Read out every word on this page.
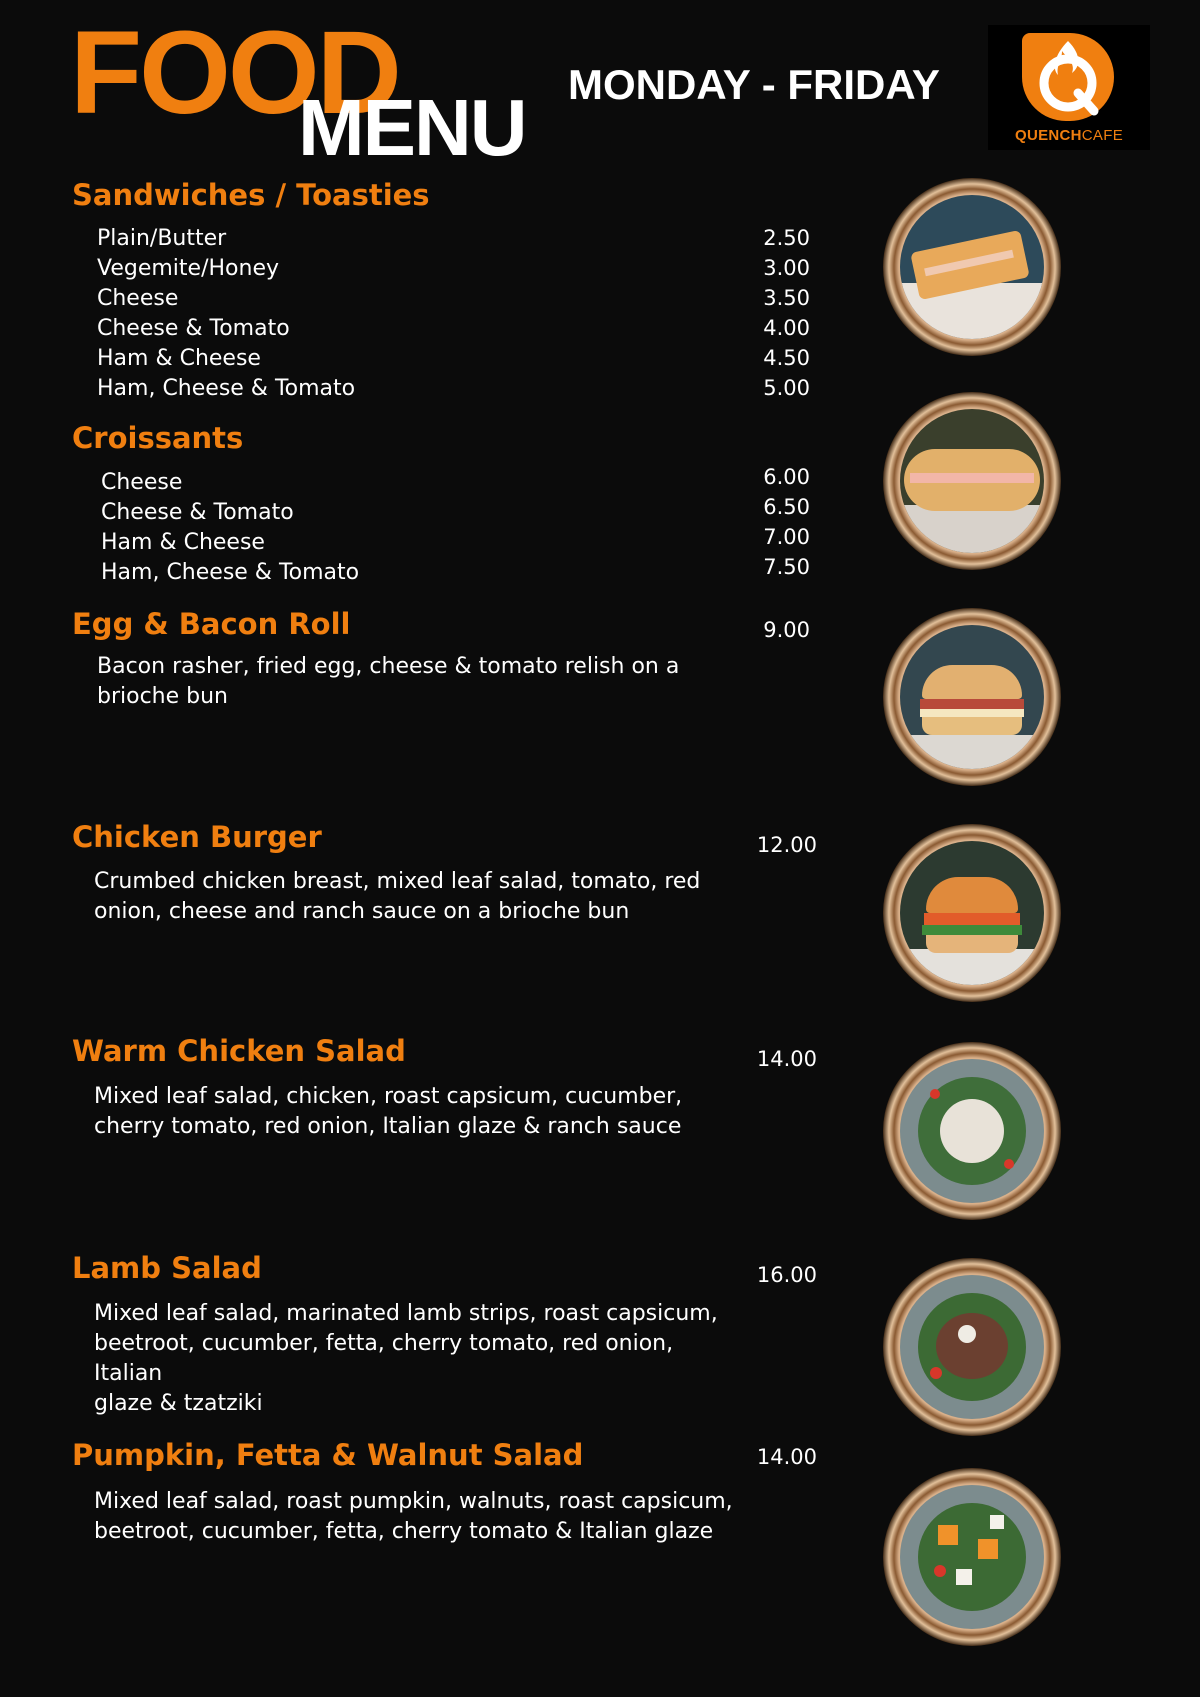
FOOD
MENU MONDAY - FRIDAY
QUENCHCAFE
Sandwiches / Toasties
Plain/Butter	2.50
Vegemite/Honey	3.00
Cheese	3.50
Cheese & Tomato	4.00
Ham & Cheese	4.50
Ham, Cheese & Tomato	5.00
Croissants
Cheese	6.00
Cheese & Tomato	6.50
Ham & Cheese	7.00
Ham, Cheese & Tomato	7.50
Egg & Bacon Roll	9.00
Bacon rasher, fried egg, cheese & tomato relish on a
brioche bun
Chicken Burger	12.00
Crumbed chicken breast, mixed leaf salad, tomato, red
onion, cheese and ranch sauce on a brioche bun
Warm Chicken Salad	14.00
Mixed leaf salad, chicken, roast capsicum, cucumber,
cherry tomato, red onion, Italian glaze & ranch sauce
Lamb Salad	16.00
Mixed leaf salad, marinated lamb strips, roast capsicum,
beetroot, cucumber, fetta, cherry tomato, red onion, Italian
glaze & tzatziki
Pumpkin, Fetta & Walnut Salad	14.00
Mixed leaf salad, roast pumpkin, walnuts, roast capsicum,
beetroot, cucumber, fetta, cherry tomato & Italian glaze
